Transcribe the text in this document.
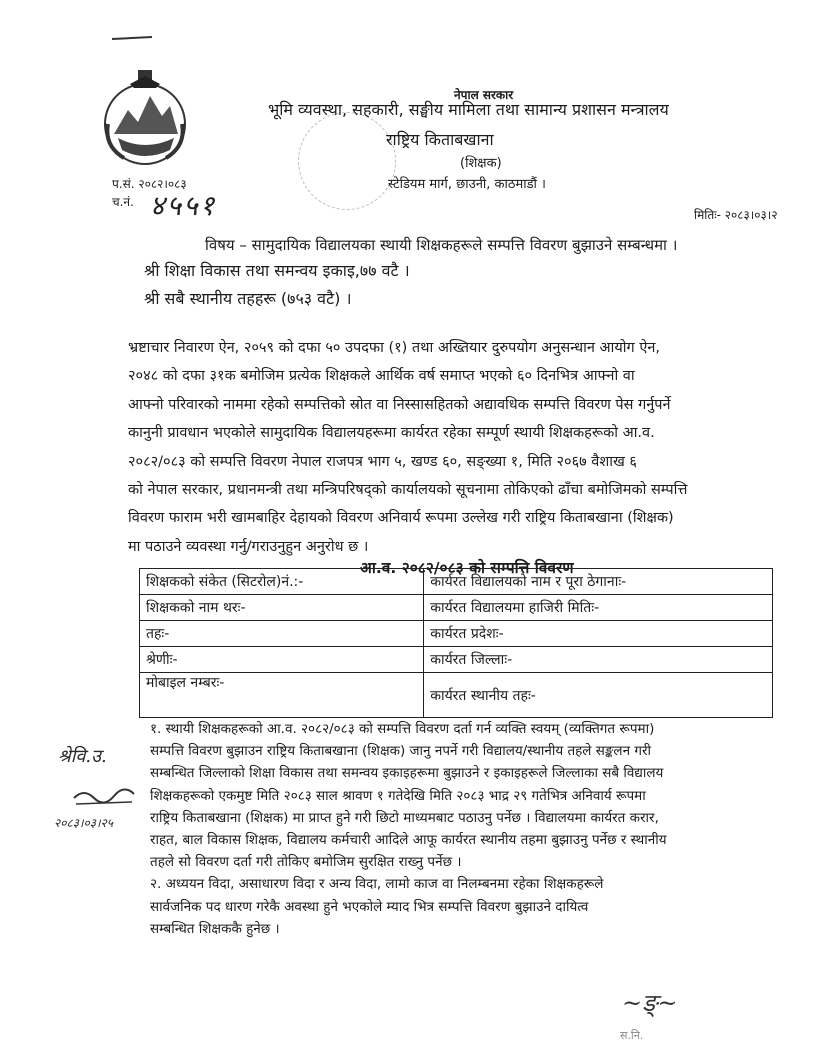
नेपाल सरकार
भूमि व्यवस्था, सहकारी, सङ्घीय मामिला तथा सामान्य प्रशासन मन्त्रालय
राष्ट्रिय किताबखाना
(शिक्षक)
स्टेडियम मार्ग, छाउनी, काठमाडौं ।
प.सं. २०८२।०८३
च.नं. ४५५१	मितिः- २०८३।०३।२
विषय – सामुदायिक विद्यालयका स्थायी शिक्षकहरूले सम्पत्ति विवरण बुझाउने सम्बन्धमा ।
श्री शिक्षा विकास तथा समन्वय इकाइ,७७ वटै ।
श्री सबै स्थानीय तहहरू (७५३ वटै) ।
भ्रष्टाचार निवारण ऐन, २०५९ को दफा ५० उपदफा (१) तथा अख्तियार दुरुपयोग अनुसन्धान आयोग ऐन,
२०४८ को दफा ३१क बमोजिम प्रत्येक शिक्षकले आर्थिक वर्ष समाप्त भएको ६० दिनभित्र आफ्नो वा
आफ्नो परिवारको नाममा रहेको सम्पत्तिको स्रोत वा निस्सासहितको अद्यावधिक सम्पत्ति विवरण पेस गर्नुपर्ने
कानुनी प्रावधान भएकोले सामुदायिक विद्यालयहरूमा कार्यरत रहेका सम्पूर्ण स्थायी शिक्षकहरूको आ.व.
२०८२/०८३ को सम्पत्ति विवरण नेपाल राजपत्र भाग ५, खण्ड ६०, सङ्ख्या १, मिति २०६७ वैशाख ६
को नेपाल सरकार, प्रधानमन्त्री तथा मन्त्रिपरिषद्को कार्यालयको सूचनामा तोकिएको ढाँचा बमोजिमको सम्पत्ति
विवरण फाराम भरी खामबाहिर देहायको विवरण अनिवार्य रूपमा उल्लेख गरी राष्ट्रिय किताबखाना (शिक्षक)
मा पठाउने व्यवस्था गर्नु/गराउनुहुन अनुरोध छ ।
आ.व. २०८२/०८३ को सम्पत्ति विवरण
शिक्षकको संकेत (सिटरोल)नं.:-	कार्यरत विद्यालयको नाम र पूरा ठेगानाः-
शिक्षकको नाम थरः-	कार्यरत विद्यालयमा हाजिरी मितिः-
तहः-	कार्यरत प्रदेशः-
श्रेणीः-	कार्यरत जिल्लाः-
मोबाइल नम्बरः-	कार्यरत स्थानीय तहः-
१. स्थायी शिक्षकहरूको आ.व. २०८२/०८३ को सम्पत्ति विवरण दर्ता गर्न व्यक्ति स्वयम् (व्यक्तिगत रूपमा)
सम्पत्ति विवरण बुझाउन राष्ट्रिय किताबखाना (शिक्षक) जानु नपर्ने गरी विद्यालय/स्थानीय तहले सङ्कलन गरी
सम्बन्धित जिल्लाको शिक्षा विकास तथा समन्वय इकाइहरूमा बुझाउने र इकाइहरूले जिल्लाका सबै विद्यालय
शिक्षकहरूको एकमुष्ट मिति २०८३ साल श्रावण १ गतेदेखि मिति २०८३ भाद्र २९ गतेभित्र अनिवार्य रूपमा
राष्ट्रिय किताबखाना (शिक्षक) मा प्राप्त हुने गरी छिटो माध्यमबाट पठाउनु पर्नेछ । विद्यालयमा कार्यरत करार,
राहत, बाल विकास शिक्षक, विद्यालय कर्मचारी आदिले आफू कार्यरत स्थानीय तहमा बुझाउनु पर्नेछ र स्थानीय
तहले सो विवरण दर्ता गरी तोकिए बमोजिम सुरक्षित राख्नु पर्नेछ ।
२. अध्ययन विदा, असाधारण विदा र अन्य विदा, लामो काज वा निलम्बनमा रहेका शिक्षकहरूले
सार्वजनिक पद धारण गरेकै अवस्था हुने भएकोले म्याद भित्र सम्पत्ति विवरण बुझाउने दायित्व
सम्बन्धित शिक्षककै हुनेछ ।
श्रेवि.उ.
२०८३।०३।२५
~ङ्~
स.नि.
